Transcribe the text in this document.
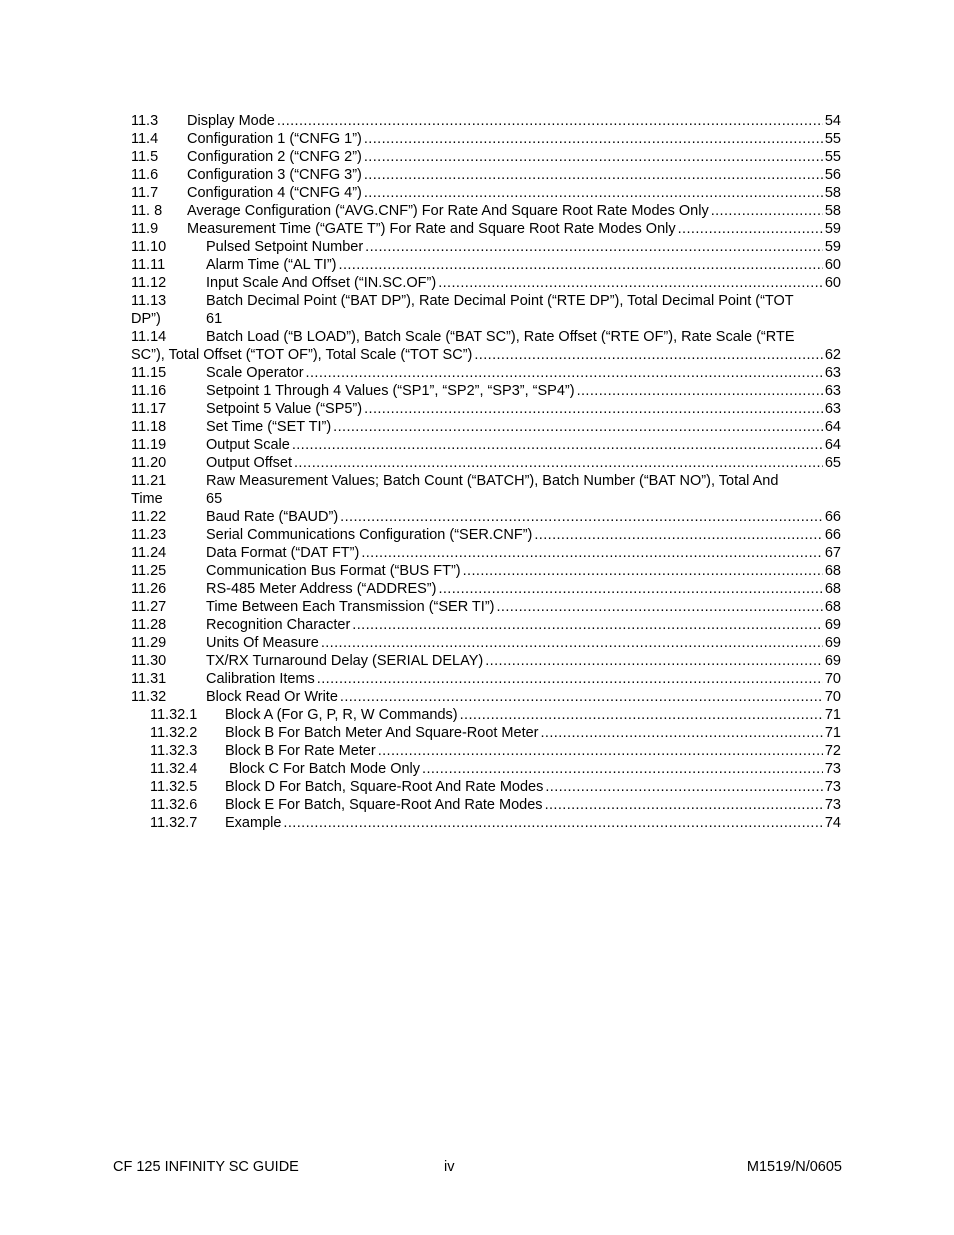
11.3	Display Mode .....	54
11.4	Configuration 1 (“CNFG 1”) .....	55
11.5	Configuration 2 (“CNFG 2”) .....	55
11.6	Configuration 3 (“CNFG 3”) .....	56
11.7	Configuration 4 (“CNFG 4”) .....	58
11. 8	Average Configuration (“AVG.CNF”) For Rate And Square Root Rate Modes Only .....	58
11.9	Measurement Time (“GATE T”) For Rate and Square Root Rate Modes Only .....	59
11.10	Pulsed Setpoint Number .....	59
11.11	Alarm Time (“AL TI”) .....	60
11.12	Input Scale And Offset (“IN.SC.OF”) .....	60
11.13	Batch Decimal Point (“BAT DP”), Rate Decimal Point (“RTE DP”), Total Decimal Point (“TOT
DP”)	61
11.14	Batch Load (“B LOAD”), Batch Scale (“BAT SC”), Rate Offset (“RTE OF”), Rate Scale (“RTE
SC”), Total Offset (“TOT OF”), Total Scale (“TOT SC”) .....	62
11.15	Scale Operator .....	63
11.16	Setpoint 1 Through 4 Values (“SP1”, “SP2”, “SP3”, “SP4”) .....	63
11.17	Setpoint 5 Value (“SP5”) .....	63
11.18	Set Time (“SET TI”) .....	64
11.19	Output Scale .....	64
11.20	Output Offset .....	65
11.21	Raw Measurement Values; Batch Count (“BATCH”), Batch Number (“BAT NO”), Total And
Time	65
11.22	Baud Rate (“BAUD”) .....	66
11.23	Serial Communications Configuration (“SER.CNF”) .....	66
11.24	Data Format (“DAT FT”) .....	67
11.25	Communication Bus Format (“BUS FT”) .....	68
11.26	RS-485 Meter Address (“ADDRES”) .....	68
11.27	Time Between Each Transmission (“SER TI”) .....	68
11.28	Recognition Character .....	69
11.29	Units Of Measure .....	69
11.30	TX/RX Turnaround Delay (SERIAL DELAY) .....	69
11.31	Calibration Items .....	70
11.32	Block Read Or Write .....	70
11.32.1	Block A (For G, P, R, W Commands) .....	71
11.32.2	Block B For Batch Meter And Square-Root Meter .....	71
11.32.3	Block B For Rate Meter .....	72
11.32.4	Block C For Batch Mode Only .....	73
11.32.5	Block D For Batch, Square-Root And Rate Modes .....	73
11.32.6	Block E For Batch, Square-Root And Rate Modes .....	73
11.32.7	Example .....	74
CF 125 INFINITY SC GUIDE	iv	M1519/N/0605
